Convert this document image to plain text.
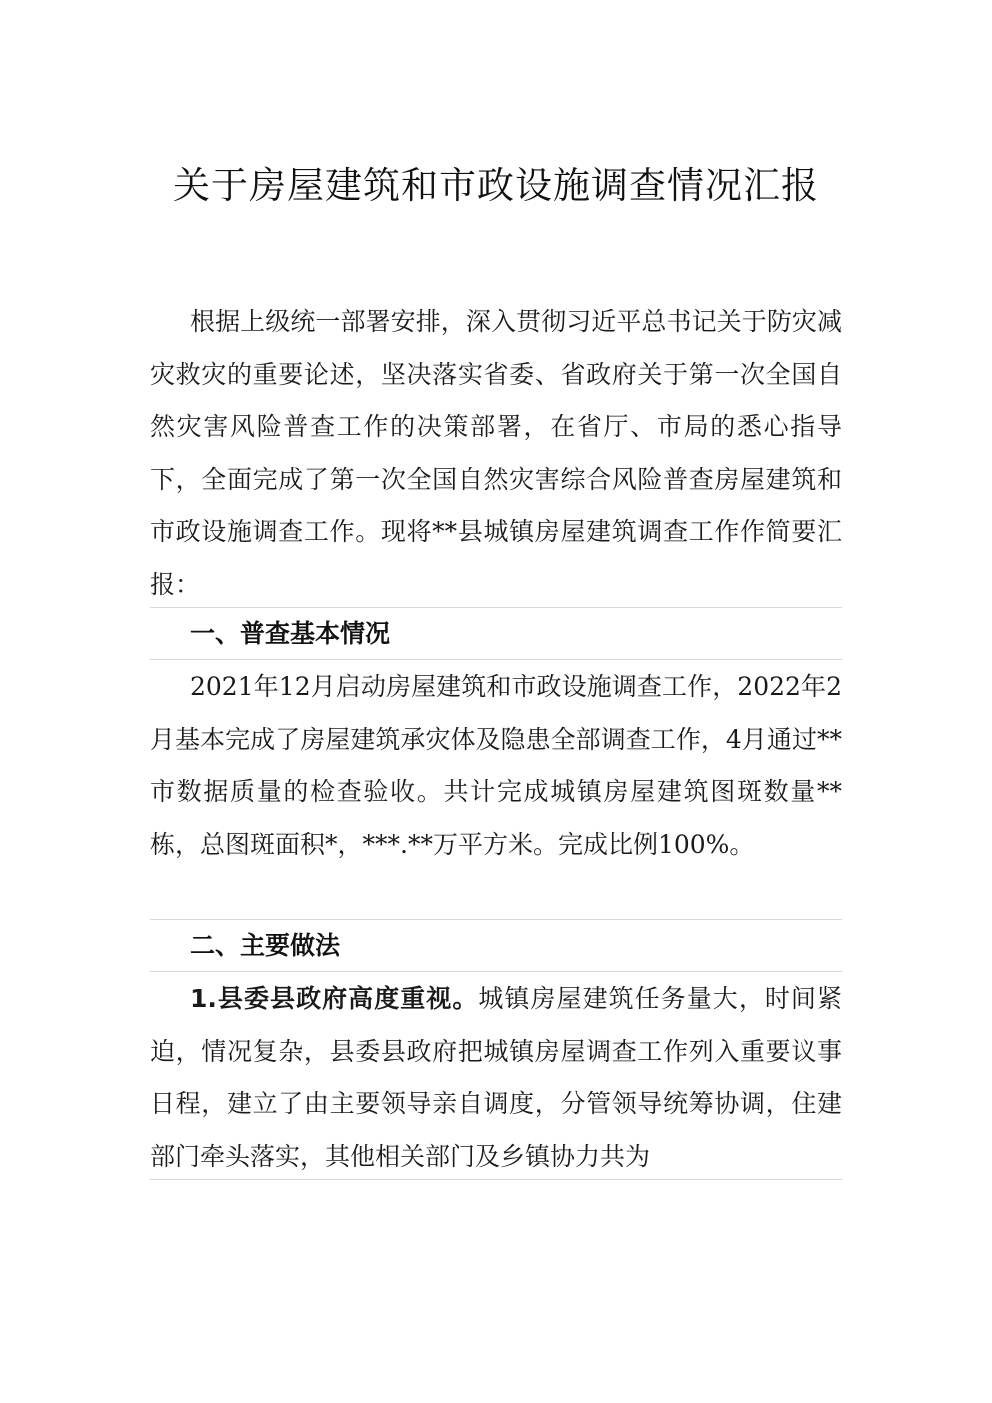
关于房屋建筑和市政设施调查情况汇报

根据上级统一部署安排，深入贯彻习近平总书记关于防灾减灾救灾的重要论述，坚决落实省委、省政府关于第一次全国自然灾害风险普查工作的决策部署，在省厅、市局的悉心指导下，全面完成了第一次全国自然灾害综合风险普查房屋建筑和市政设施调查工作。现将**县城镇房屋建筑调查工作作简要汇报：

一、普查基本情况

2021年12月启动房屋建筑和市政设施调查工作，2022年2月基本完成了房屋建筑承灾体及隐患全部调查工作，4月通过**市数据质量的检查验收。共计完成城镇房屋建筑图斑数量**栋，总图斑面积*，***.**万平方米。完成比例100%。

二、主要做法

1.县委县政府高度重视。城镇房屋建筑任务量大，时间紧迫，情况复杂，县委县政府把城镇房屋调查工作列入重要议事日程，建立了由主要领导亲自调度，分管领导统筹协调，住建部门牵头落实，其他相关部门及乡镇协力共为
